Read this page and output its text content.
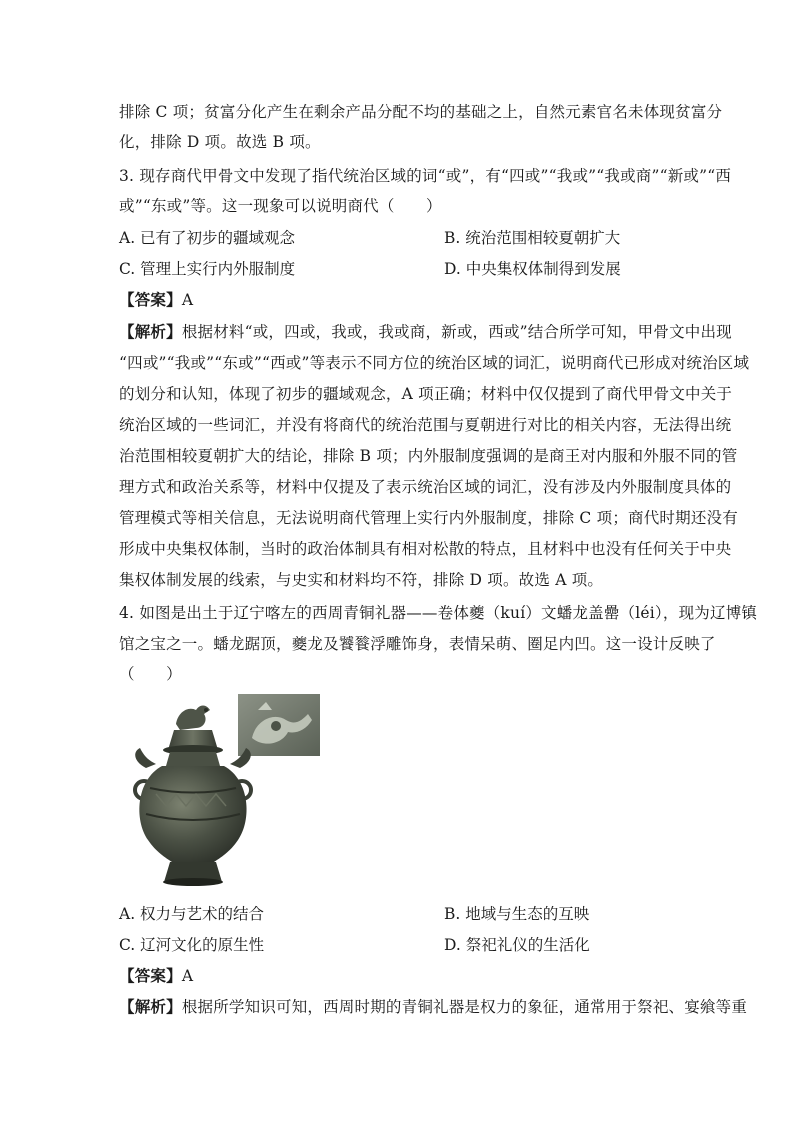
排除 C 项；贫富分化产生在剩余产品分配不均的基础之上，自然元素官名未体现贫富分
化，排除 D 项。故选 B 项。
3. 现存商代甲骨文中发现了指代统治区域的词“或”，有“四或”“我或”“我或商”“新或”“西
或”“东或”等。这一现象可以说明商代（　　）
A. 已有了初步的疆域观念	B. 统治范围相较夏朝扩大
C. 管理上实行内外服制度	D. 中央集权体制得到发展
【答案】A
【解析】根据材料“或，四或，我或，我或商，新或，西或”结合所学可知，甲骨文中出现
“四或”“我或”“东或”“西或”等表示不同方位的统治区域的词汇，说明商代已形成对统治区域
的划分和认知，体现了初步的疆域观念，A 项正确；材料中仅仅提到了商代甲骨文中关于
统治区域的一些词汇，并没有将商代的统治范围与夏朝进行对比的相关内容，无法得出统
治范围相较夏朝扩大的结论，排除 B 项；内外服制度强调的是商王对内服和外服不同的管
理方式和政治关系等，材料中仅提及了表示统治区域的词汇，没有涉及内外服制度具体的
管理模式等相关信息，无法说明商代管理上实行内外服制度，排除 C 项；商代时期还没有
形成中央集权体制，当时的政治体制具有相对松散的特点，且材料中也没有任何关于中央
集权体制发展的线索，与史实和材料均不符，排除 D 项。故选 A 项。
4. 如图是出土于辽宁喀左的西周青铜礼器——卷体夔（kuí）文蟠龙盖罍（léi），现为辽博镇
馆之宝之一。蟠龙踞顶，夔龙及饕餮浮雕饰身，表情呆萌、圈足内凹。这一设计反映了
（　　）
A. 权力与艺术的结合	B. 地域与生态的互映
C. 辽河文化的原生性	D. 祭祀礼仪的生活化
【答案】A
【解析】根据所学知识可知，西周时期的青铜礼器是权力的象征，通常用于祭祀、宴飨等重
